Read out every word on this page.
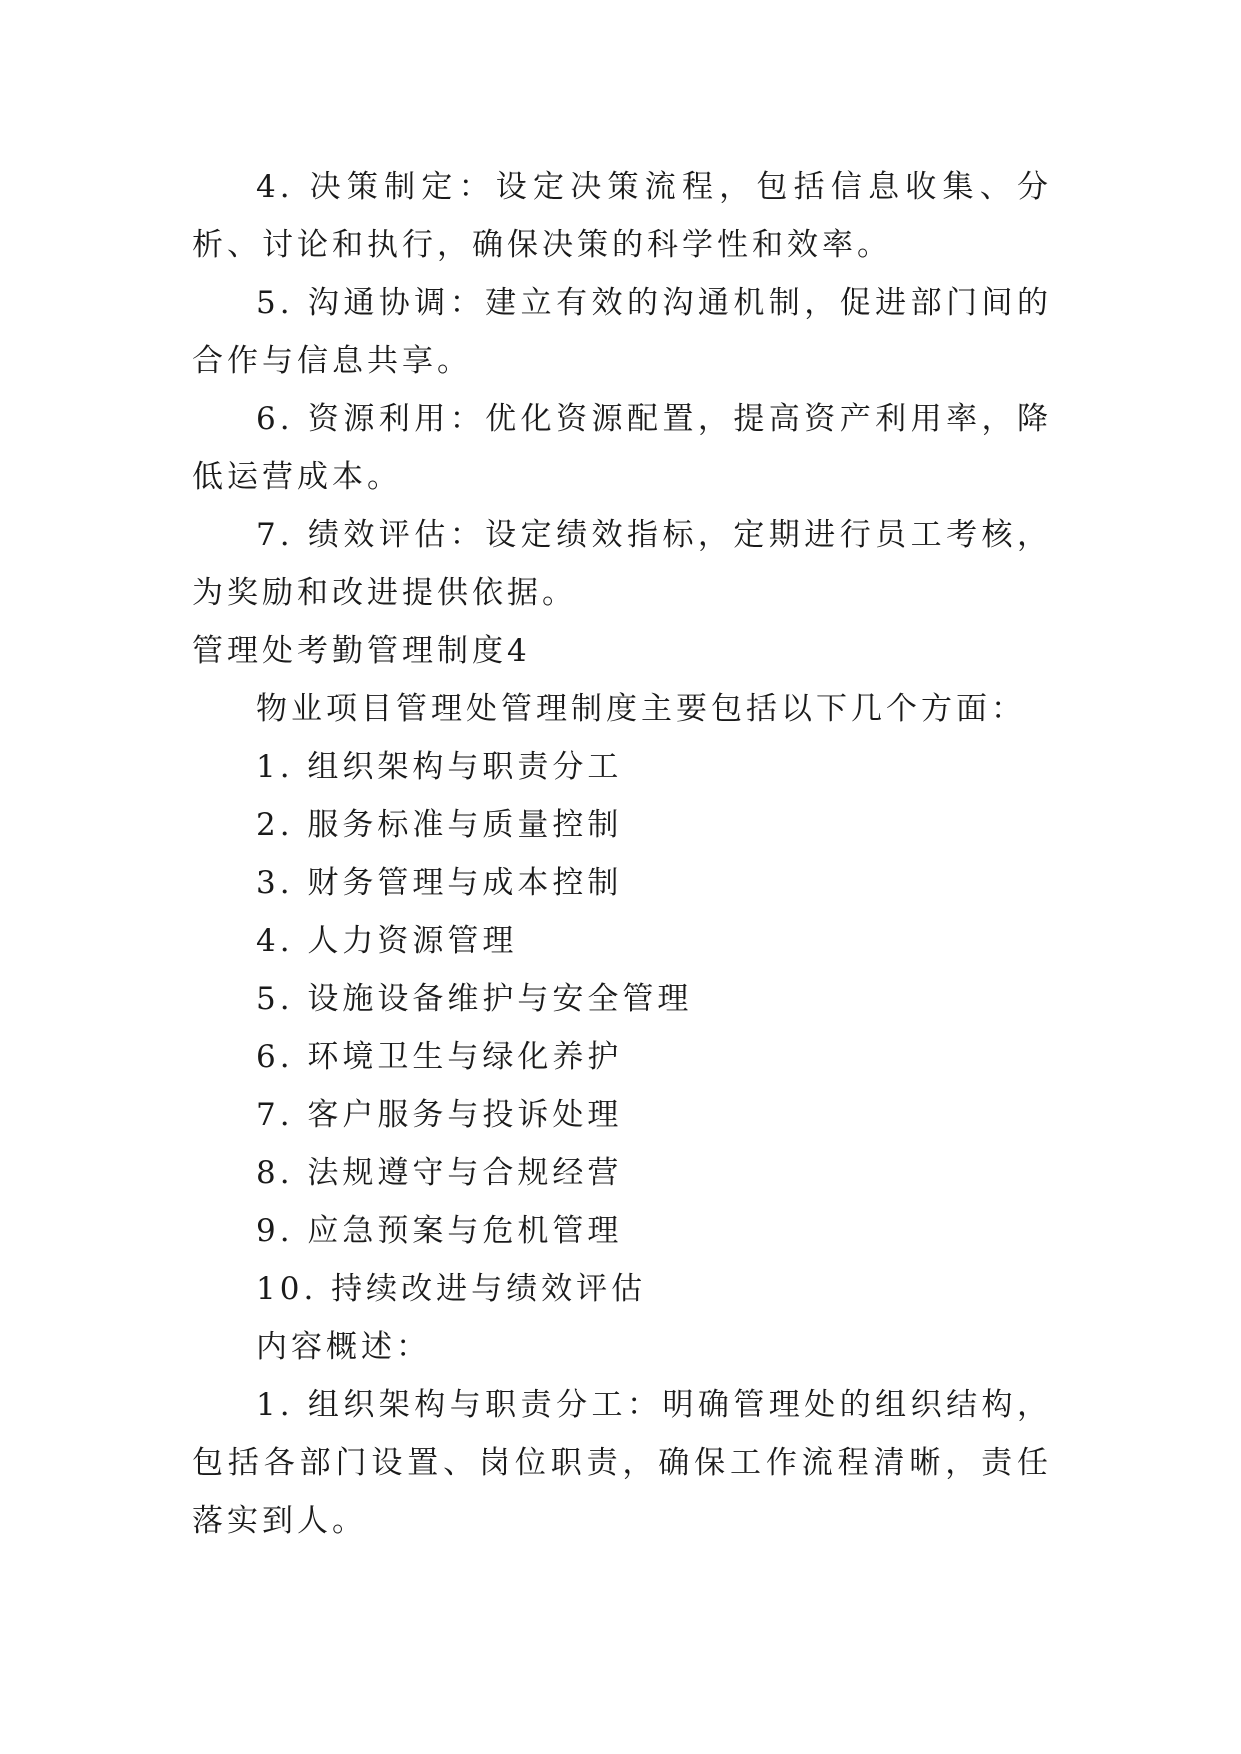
4. 决策制定：设定决策流程，包括信息收集、分析、讨论和执行，确保决策的科学性和效率。

5. 沟通协调：建立有效的沟通机制，促进部门间的合作与信息共享。

6. 资源利用：优化资源配置，提高资产利用率，降低运营成本。

7. 绩效评估：设定绩效指标，定期进行员工考核，为奖励和改进提供依据。

管理处考勤管理制度4

物业项目管理处管理制度主要包括以下几个方面：

1. 组织架构与职责分工

2. 服务标准与质量控制

3. 财务管理与成本控制

4. 人力资源管理

5. 设施设备维护与安全管理

6. 环境卫生与绿化养护

7. 客户服务与投诉处理

8. 法规遵守与合规经营

9. 应急预案与危机管理

10. 持续改进与绩效评估

内容概述：

1. 组织架构与职责分工：明确管理处的组织结构，包括各部门设置、岗位职责，确保工作流程清晰，责任落实到人。
